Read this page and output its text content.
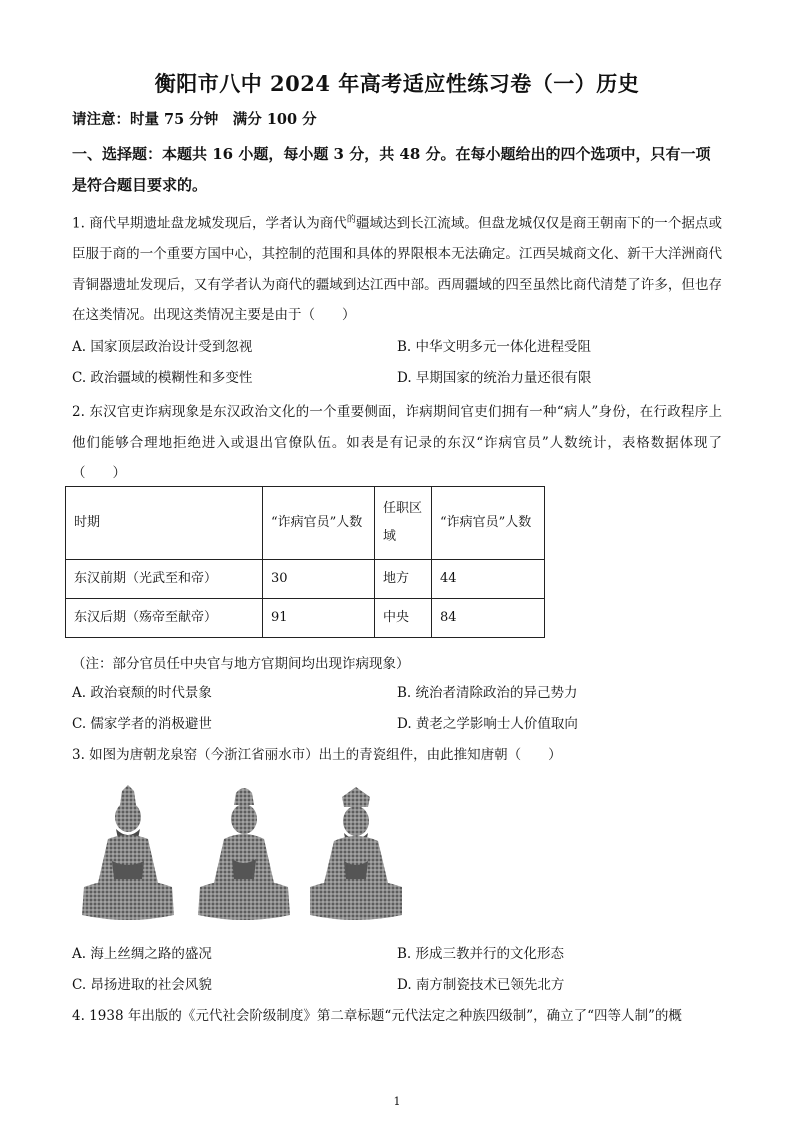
衡阳市八中 2024 年高考适应性练习卷（一）历史
请注意：时量 75 分钟　满分 100 分
一、选择题：本题共 16 小题，每小题 3 分，共 48 分。在每小题给出的四个选项中，只有一项是符合题目要求的。
1. 商代早期遗址盘龙城发现后，学者认为商代$^的$疆域达到长江流域。但盘龙城仅仅是商王朝南下的一个据点或臣服于商的一个重要方国中心，其控制的范围和具体的界限根本无法确定。江西吴城商文化、新干大洋洲商代青铜器遗址发现后，又有学者认为商代的疆域到达江西中部。西周疆域的四至虽然比商代清楚了许多，但也存在这类情况。出现这类情况主要是由于（　　）
A. 国家顶层政治设计受到忽视	B. 中华文明多元一体化进程受阻
C. 政治疆域的模糊性和多变性	D. 早期国家的统治力量还很有限
2. 东汉官吏诈病现象是东汉政治文化的一个重要侧面，诈病期间官吏们拥有一种“病人”身份，在行政程序上他们能够合理地拒绝进入或退出官僚队伍。如表是有记录的东汉“诈病官员”人数统计，表格数据体现了（　　）
时期	“诈病官员”人数	任职区域	“诈病官员”人数
东汉前期（光武至和帝）	30	地方	44
东汉后期（殇帝至献帝）	91	中央	84
（注：部分官员任中央官与地方官期间均出现诈病现象）
A. 政治衰颓的时代景象	B. 统治者清除政治的异己势力
C. 儒家学者的消极避世	D. 黄老之学影响士人价值取向
3. 如图为唐朝龙泉窑（今浙江省丽水市）出土的青瓷组件，由此推知唐朝（　　）
A. 海上丝绸之路的盛况	B. 形成三教并行的文化形态
C. 昂扬进取的社会风貌	D. 南方制瓷技术已领先北方
4. 1938 年出版的《元代社会阶级制度》第二章标题“元代法定之种族四级制”，确立了“四等人制”的概
1
